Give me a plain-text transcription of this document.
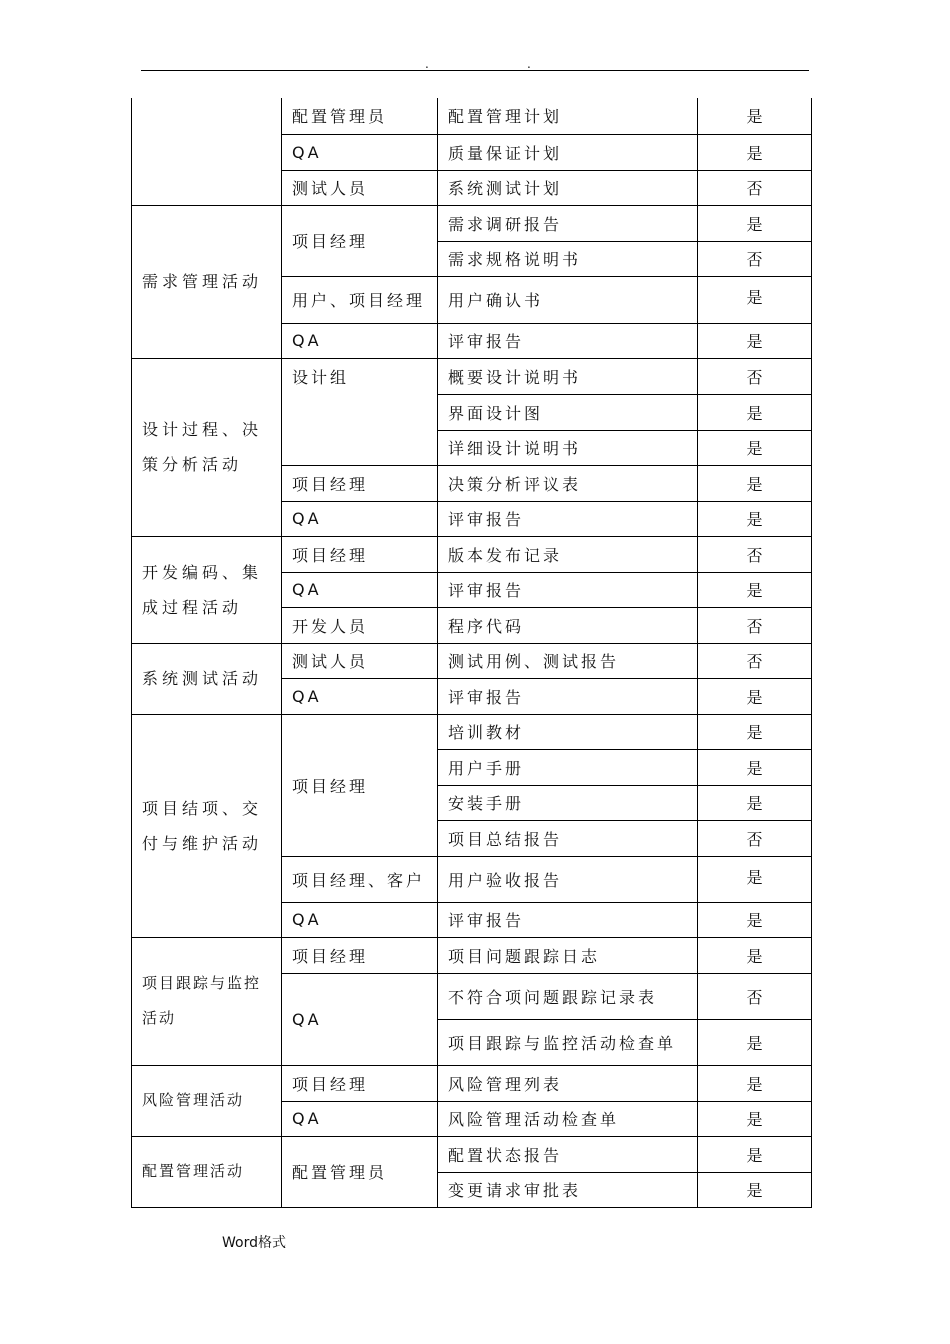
.	.
	配置管理员	配置管理计划	是
	QA	质量保证计划	是
	测试人员	系统测试计划	否
需求管理活动	项目经理	需求调研报告	是
		需求规格说明书	否
	用户、项目经理	用户确认书	是
	QA	评审报告	是
设计过程、决策分析活动	设计组	概要设计说明书	否
		界面设计图	是
		详细设计说明书	是
	项目经理	决策分析评议表	是
	QA	评审报告	是
开发编码、集成过程活动	项目经理	版本发布记录	否
	QA	评审报告	是
	开发人员	程序代码	否
系统测试活动	测试人员	测试用例、测试报告	否
	QA	评审报告	是
项目结项、交付与维护活动	项目经理	培训教材	是
		用户手册	是
		安装手册	是
		项目总结报告	否
	项目经理、客户	用户验收报告	是
	QA	评审报告	是
项目跟踪与监控活动	项目经理	项目问题跟踪日志	是
	QA	不符合项问题跟踪记录表	否
		项目跟踪与监控活动检查单	是
风险管理活动	项目经理	风险管理列表	是
	QA	风险管理活动检查单	是
配置管理活动	配置管理员	配置状态报告	是
		变更请求审批表	是
Word格式
